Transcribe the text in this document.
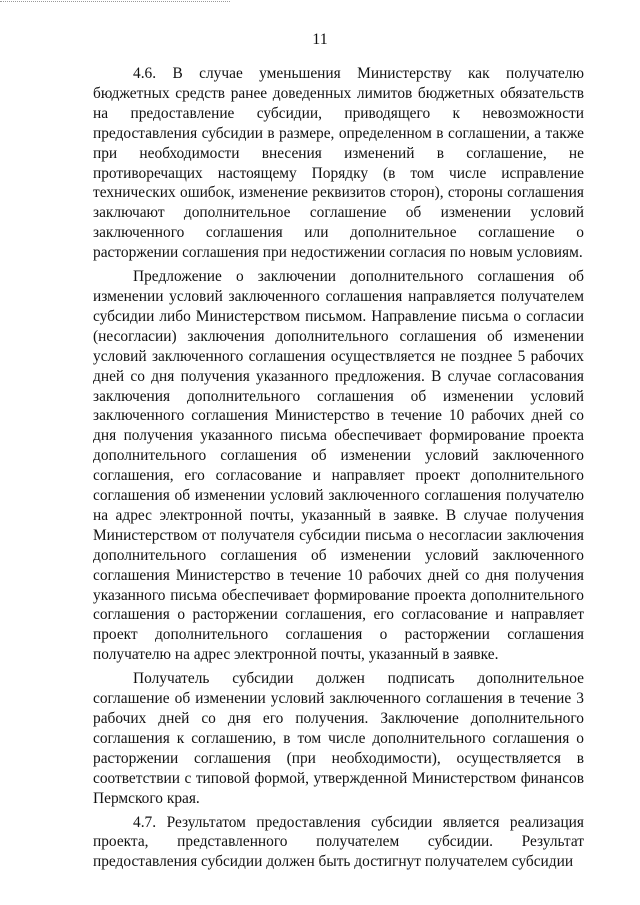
11

4.6. В случае уменьшения Министерству как получателю бюджетных средств ранее доведенных лимитов бюджетных обязательств на предоставление субсидии, приводящего к невозможности предоставления субсидии в размере, определенном в соглашении, а также при необходимости внесения изменений в соглашение, не противоречащих настоящему Порядку (в том числе исправление технических ошибок, изменение реквизитов сторон), стороны соглашения заключают дополнительное соглашение об изменении условий заключенного соглашения или дополнительное соглашение о расторжении соглашения при недостижении согласия по новым условиям.

Предложение о заключении дополнительного соглашения об изменении условий заключенного соглашения направляется получателем субсидии либо Министерством письмом. Направление письма о согласии (несогласии) заключения дополнительного соглашения об изменении условий заключенного соглашения осуществляется не позднее 5 рабочих дней со дня получения указанного предложения. В случае согласования заключения дополнительного соглашения об изменении условий заключенного соглашения Министерство в течение 10 рабочих дней со дня получения указанного письма обеспечивает формирование проекта дополнительного соглашения об изменении условий заключенного соглашения, его согласование и направляет проект дополнительного соглашения об изменении условий заключенного соглашения получателю на адрес электронной почты, указанный в заявке. В случае получения Министерством от получателя субсидии письма о несогласии заключения дополнительного соглашения об изменении условий заключенного соглашения Министерство в течение 10 рабочих дней со дня получения указанного письма обеспечивает формирование проекта дополнительного соглашения о расторжении соглашения, его согласование и направляет проект дополнительного соглашения о расторжении соглашения получателю на адрес электронной почты, указанный в заявке.

Получатель субсидии должен подписать дополнительное соглашение об изменении условий заключенного соглашения в течение 3 рабочих дней со дня его получения. Заключение дополнительного соглашения к соглашению, в том числе дополнительного соглашения о расторжении соглашения (при необходимости), осуществляется в соответствии с типовой формой, утвержденной Министерством финансов Пермского края.

4.7. Результатом предоставления субсидии является реализация проекта, представленного получателем субсидии. Результат предоставления субсидии должен быть достигнут получателем субсидии
